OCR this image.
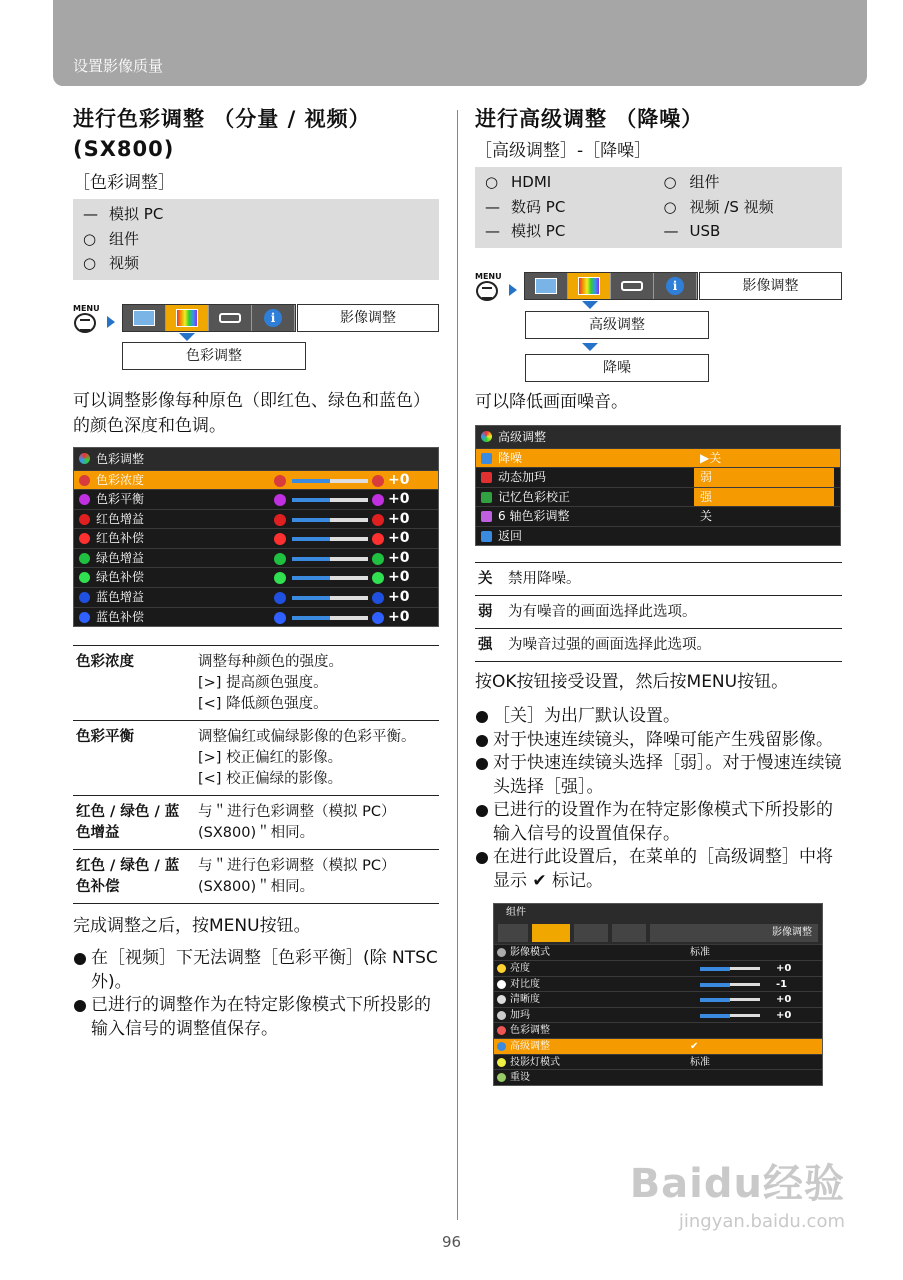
设置影像质量
进行色彩调整 （分量 / 视频）
(SX800)
［色彩调整］
— 模拟 PC
○ 组件
○ 视频
MENU
i	影像调整
色彩调整

可以调整影像每种原色（即红色、绿色和蓝色）的颜色深度和色调。

色彩调整
色彩浓度	+0
色彩平衡	+0
红色增益	+0
红色补偿	+0
绿色增益	+0
绿色补偿	+0
蓝色增益	+0
蓝色补偿	+0
色彩浓度	调整每种颜色的强度。
[>] 提高颜色强度。
[<] 降低颜色强度。

色彩平衡	调整偏红或偏绿影像的色彩平衡。
[>] 校正偏红的影像。
[<] 校正偏绿的影像。

红色 / 绿色 / 蓝色增益	与＂进行色彩调整（模拟 PC）(SX800)＂相同。

红色 / 绿色 / 蓝色补偿	与＂进行色彩调整（模拟 PC）(SX800)＂相同。

完成调整之后，按MENU按钮。

在［视频］下无法调整［色彩平衡］(除 NTSC 外)。
已进行的调整作为在特定影像模式下所投影的输入信号的调整值保存。
进行高级调整 （降噪）
［高级调整］-［降噪］
○ HDMI	○ 组件
— 数码 PC	○ 视频 /S 视频
— 模拟 PC	— USB
MENU
i	影像调整
高级调整
降噪

可以降低画面噪音。

高级调整
降噪	▶关
动态加玛	弱
记忆色彩校正	强
6 轴色彩调整	关
返回
关	禁用降噪。
弱	为有噪音的画面选择此选项。
强	为噪音过强的画面选择此选项。

按OK按钮接受设置，然后按MENU按钮。

［关］为出厂默认设置。
对于快速连续镜头，降噪可能产生残留影像。
对于快速连续镜头选择［弱］。对于慢速连续镜头选择［强］。
已进行的设置作为在特定影像模式下所投影的输入信号的设置值保存。
在进行此设置后，在菜单的［高级调整］中将显示 ✔ 标记。
组件
影像调整
影像模式	标准
亮度	+0
对比度	-1
清晰度	+0
加玛	+0
色彩调整
高级调整	✔
投影灯模式	标准
重设
96
Baidu经验
jingyan.baidu.com
